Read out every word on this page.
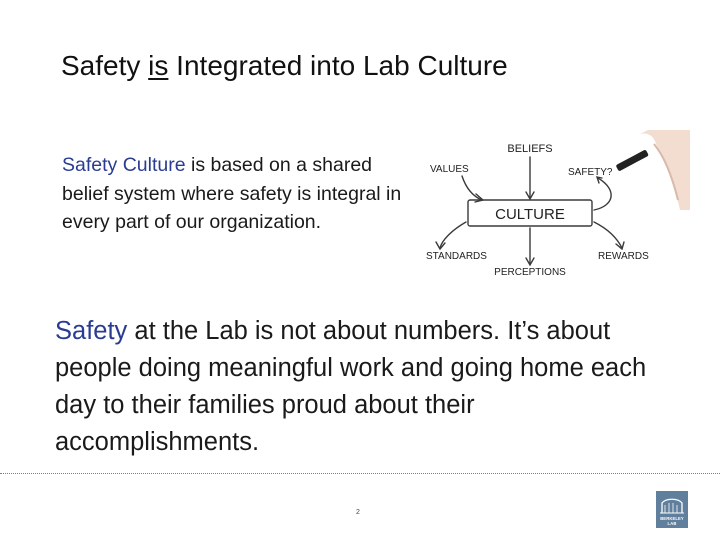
Safety is Integrated into Lab Culture
Safety Culture is based on a shared belief system where safety is integral in every part of our organization.
BELIEFS
VALUES	SAFETY?
CULTURE
STANDARDS	REWARDS
PERCEPTIONS
Safety at the Lab is not about numbers. It’s about people doing meaningful work and going home each day to their families proud about their accomplishments.
2
BERKELEY LAB
